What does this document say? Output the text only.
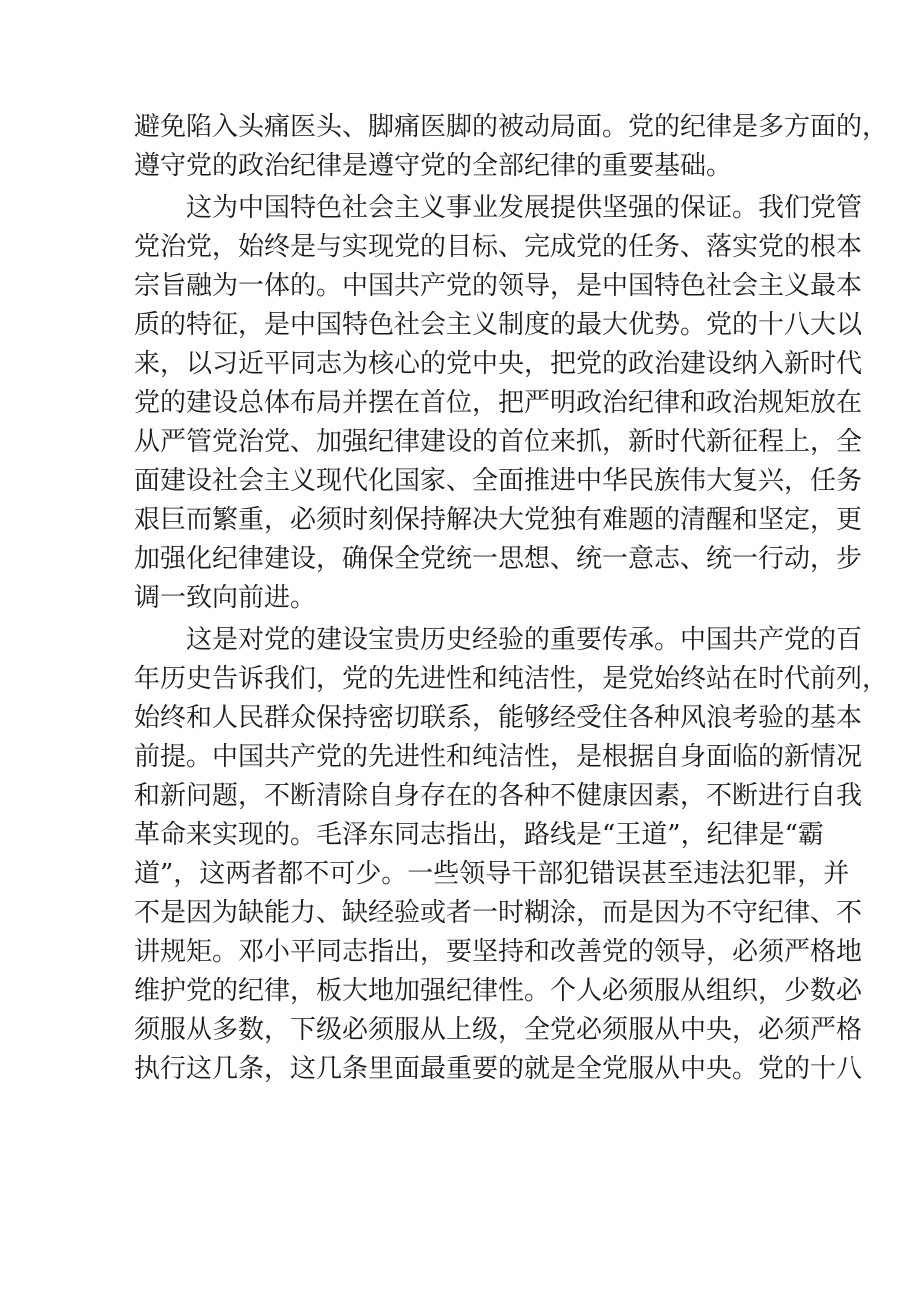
避免陷入头痛医头、脚痛医脚的被动局面。党的纪律是多方面的，
遵守党的政治纪律是遵守党的全部纪律的重要基础。
这为中国特色社会主义事业发展提供坚强的保证。我们党管
党治党，始终是与实现党的目标、完成党的任务、落实党的根本
宗旨融为一体的。中国共产党的领导，是中国特色社会主义最本
质的特征，是中国特色社会主义制度的最大优势。党的十八大以
来，以习近平同志为核心的党中央，把党的政治建设纳入新时代
党的建设总体布局并摆在首位，把严明政治纪律和政治规矩放在
从严管党治党、加强纪律建设的首位来抓，新时代新征程上，全
面建设社会主义现代化国家、全面推进中华民族伟大复兴，任务
艰巨而繁重，必须时刻保持解决大党独有难题的清醒和坚定，更
加强化纪律建设，确保全党统一思想、统一意志、统一行动，步
调一致向前进。
这是对党的建设宝贵历史经验的重要传承。中国共产党的百
年历史告诉我们，党的先进性和纯洁性，是党始终站在时代前列，
始终和人民群众保持密切联系，能够经受住各种风浪考验的基本
前提。中国共产党的先进性和纯洁性，是根据自身面临的新情况
和新问题，不断清除自身存在的各种不健康因素，不断进行自我
革命来实现的。毛泽东同志指出，路线是“王道”，纪律是“霸
道”，这两者都不可少。一些领导干部犯错误甚至违法犯罪，并
不是因为缺能力、缺经验或者一时糊涂，而是因为不守纪律、不
讲规矩。邓小平同志指出，要坚持和改善党的领导，必须严格地
维护党的纪律，板大地加强纪律性。个人必须服从组织，少数必
须服从多数，下级必须服从上级，全党必须服从中央，必须严格
执行这几条，这几条里面最重要的就是全党服从中央。党的十八
